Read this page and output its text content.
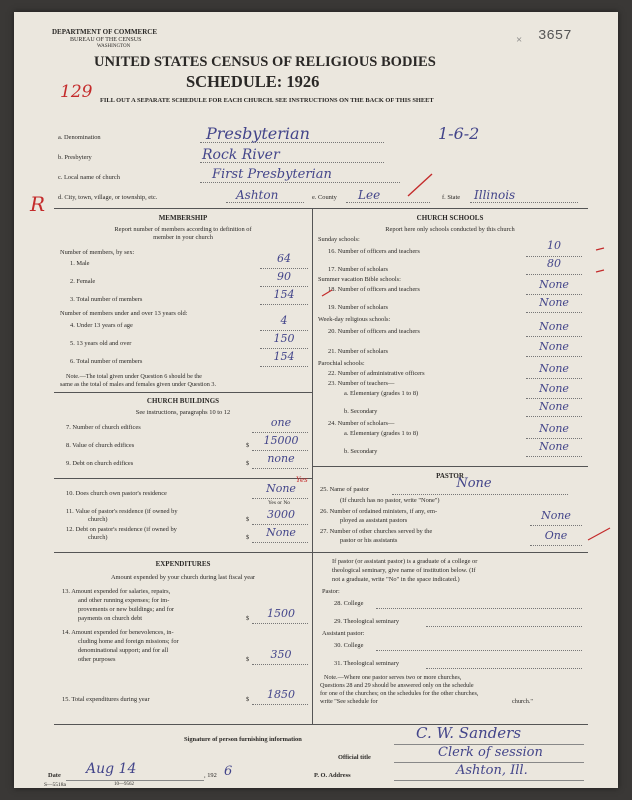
DEPARTMENT OF COMMERCE
BUREAU OF THE CENSUS
WASHINGTON
UNITED STATES CENSUS OF RELIGIOUS BODIES
SCHEDULE: 1926
FILL OUT A SEPARATE SCHEDULE FOR EACH CHURCH. SEE INSTRUCTIONS ON THE BACK OF THIS SHEET
3657
×
129
a. Denomination	Presbyterian	1-6-2
b. Presbytery	Rock River
c. Local name of church	First Presbyterian
d. City, town, village, or township, etc.	Ashton	e. County Lee	f. State Illinois
R
MEMBERSHIP
Report number of members according to definition of
member in your church
Number of members, by sex:
1. Male	64
2. Female	90
3. Total number of members	154
Number of members under and over 13 years old:
4. Under 13 years of age	4
5. 13 years old and over	150
6. Total number of members	154
Note.—The total given under Question 6 should be the
same as the total of males and females given under Question 3.
CHURCH BUILDINGS
See instructions, paragraphs 10 to 12
7. Number of church edifices	one
8. Value of church edifices	$	15000
9. Debt on church edifices	$	none
10. Does church own pastor's residence	None
Yes
Yes or No
11. Value of pastor's residence (if owned by
church)	$	3000
12. Debt on pastor's residence (if owned by
church)	$	None
EXPENDITURES
Amount expended by your church during last fiscal year
13. Amount expended for salaries, repairs,
and other running expenses; for im-
provements or new buildings; and for
payments on church debt	$	1500
14. Amount expended for benevolences, in-
cluding home and foreign missions; for
denominational support; and for all
other purposes	$	350
15. Total expenditures during year	$	1850
CHURCH SCHOOLS
Report here only schools conducted by this church
Sunday schools:
16. Number of officers and teachers	10
17. Number of scholars	80
Summer vacation Bible schools:
18. Number of officers and teachers	None
19. Number of scholars	None
Week-day religious schools:
20. Number of officers and teachers	None
21. Number of scholars	None
Parochial schools:
22. Number of administrative officers	None
23. Number of teachers—
a. Elementary (grades 1 to 8)	None
b. Secondary	None
24. Number of scholars—
a. Elementary (grades 1 to 8)	None
b. Secondary	None
PASTOR
25. Name of pastor	None
(If church has no pastor, write "None")
26. Number of ordained ministers, if any, em-
ployed as assistant pastors	None
27. Number of other churches served by the
pastor or his assistants	One
If pastor (or assistant pastor) is a graduate of a college or
theological seminary, give name of institution below. (If
not a graduate, write "No" in the space indicated.)
Pastor:
28. College
29. Theological seminary
Assistant pastor:
30. College
31. Theological seminary
Note.—Where one pastor serves two or more churches,
Questions 28 and 29 should be answered only on the schedule
for one of the churches; on the schedules for the other churches,
write "See schedule for	church."
Signature of person furnishing information	C. W. Sanders
Official title	Clerk of session
P. O. Address	Ashton, Ill.
Date Aug 14	, 192 6
S—5518a	10—9562
